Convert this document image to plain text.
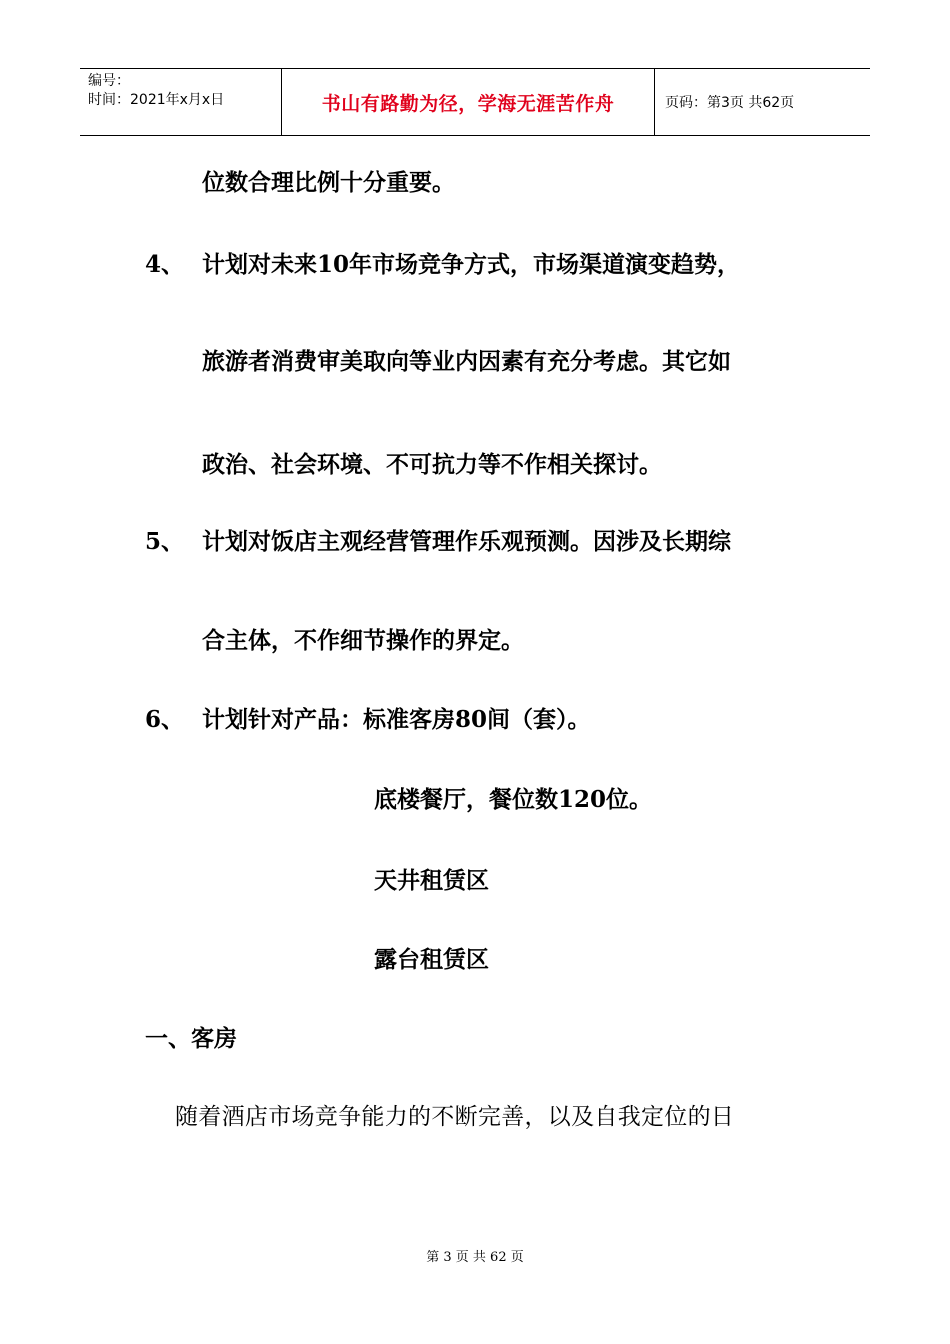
编号：
时间：2021年x月x日	书山有路勤为径，学海无涯苦作舟	页码：第3页 共62页
位数合理比例十分重要。
4、 计划对未来10年市场竞争方式，市场渠道演变趋势，
旅游者消费审美取向等业内因素有充分考虑。其它如
政治、社会环境、不可抗力等不作相关探讨。
5、 计划对饭店主观经营管理作乐观预测。因涉及长期综
合主体，不作细节操作的界定。
6、 计划针对产品：标准客房80间（套）。
底楼餐厅，餐位数120位。
天井租赁区
露台租赁区
一、客房
随着酒店市场竞争能力的不断完善，以及自我定位的日
第 3 页 共 62 页
